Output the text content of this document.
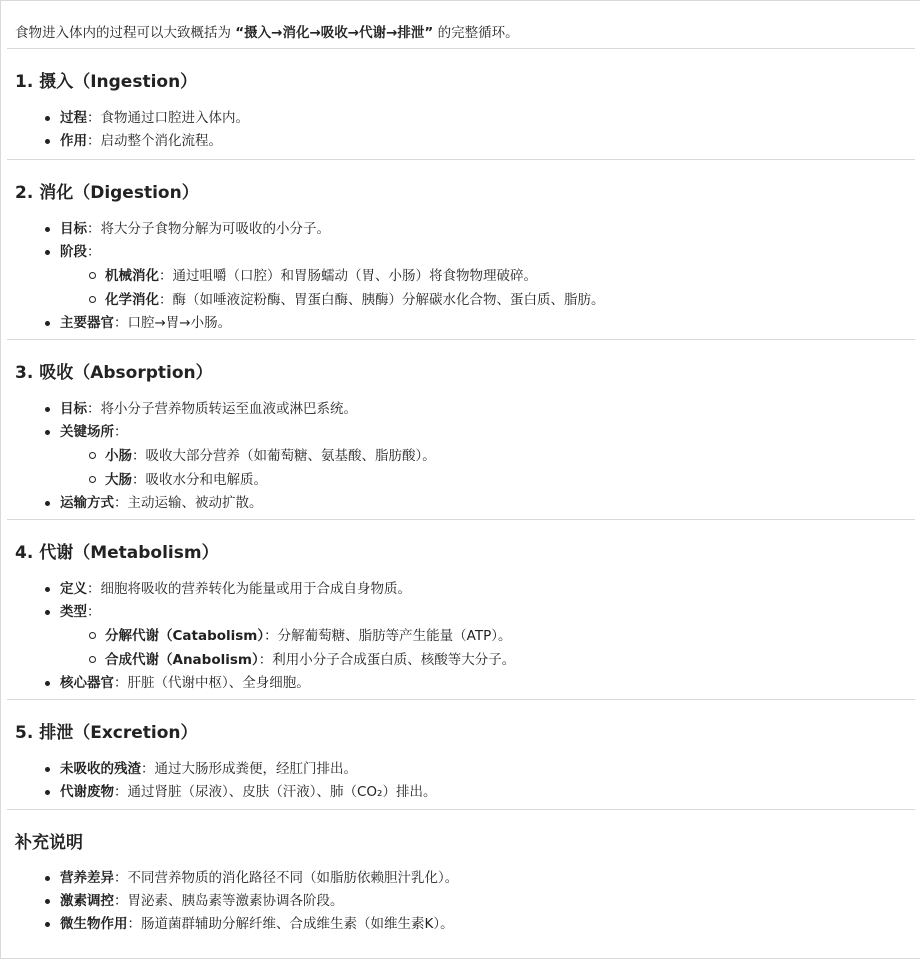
食物进入体内的过程可以大致概括为 “摄入→消化→吸收→代谢→排泄” 的完整循环。
1. 摄入（Ingestion）
过程：食物通过口腔进入体内。
作用：启动整个消化流程。
2. 消化（Digestion）
目标：将大分子食物分解为可吸收的小分子。
阶段：
机械消化：通过咀嚼（口腔）和胃肠蠕动（胃、小肠）将食物物理破碎。
化学消化：酶（如唾液淀粉酶、胃蛋白酶、胰酶）分解碳水化合物、蛋白质、脂肪。
主要器官：口腔→胃→小肠。
3. 吸收（Absorption）
目标：将小分子营养物质转运至血液或淋巴系统。
关键场所：
小肠：吸收大部分营养（如葡萄糖、氨基酸、脂肪酸）。
大肠：吸收水分和电解质。
运输方式：主动运输、被动扩散。
4. 代谢（Metabolism）
定义：细胞将吸收的营养转化为能量或用于合成自身物质。
类型：
分解代谢（Catabolism）：分解葡萄糖、脂肪等产生能量（ATP）。
合成代谢（Anabolism）：利用小分子合成蛋白质、核酸等大分子。
核心器官：肝脏（代谢中枢）、全身细胞。
5. 排泄（Excretion）
未吸收的残渣：通过大肠形成粪便，经肛门排出。
代谢废物：通过肾脏（尿液）、皮肤（汗液）、肺（CO₂）排出。
补充说明
营养差异：不同营养物质的消化路径不同（如脂肪依赖胆汁乳化）。
激素调控：胃泌素、胰岛素等激素协调各阶段。
微生物作用：肠道菌群辅助分解纤维、合成维生素（如维生素K）。
